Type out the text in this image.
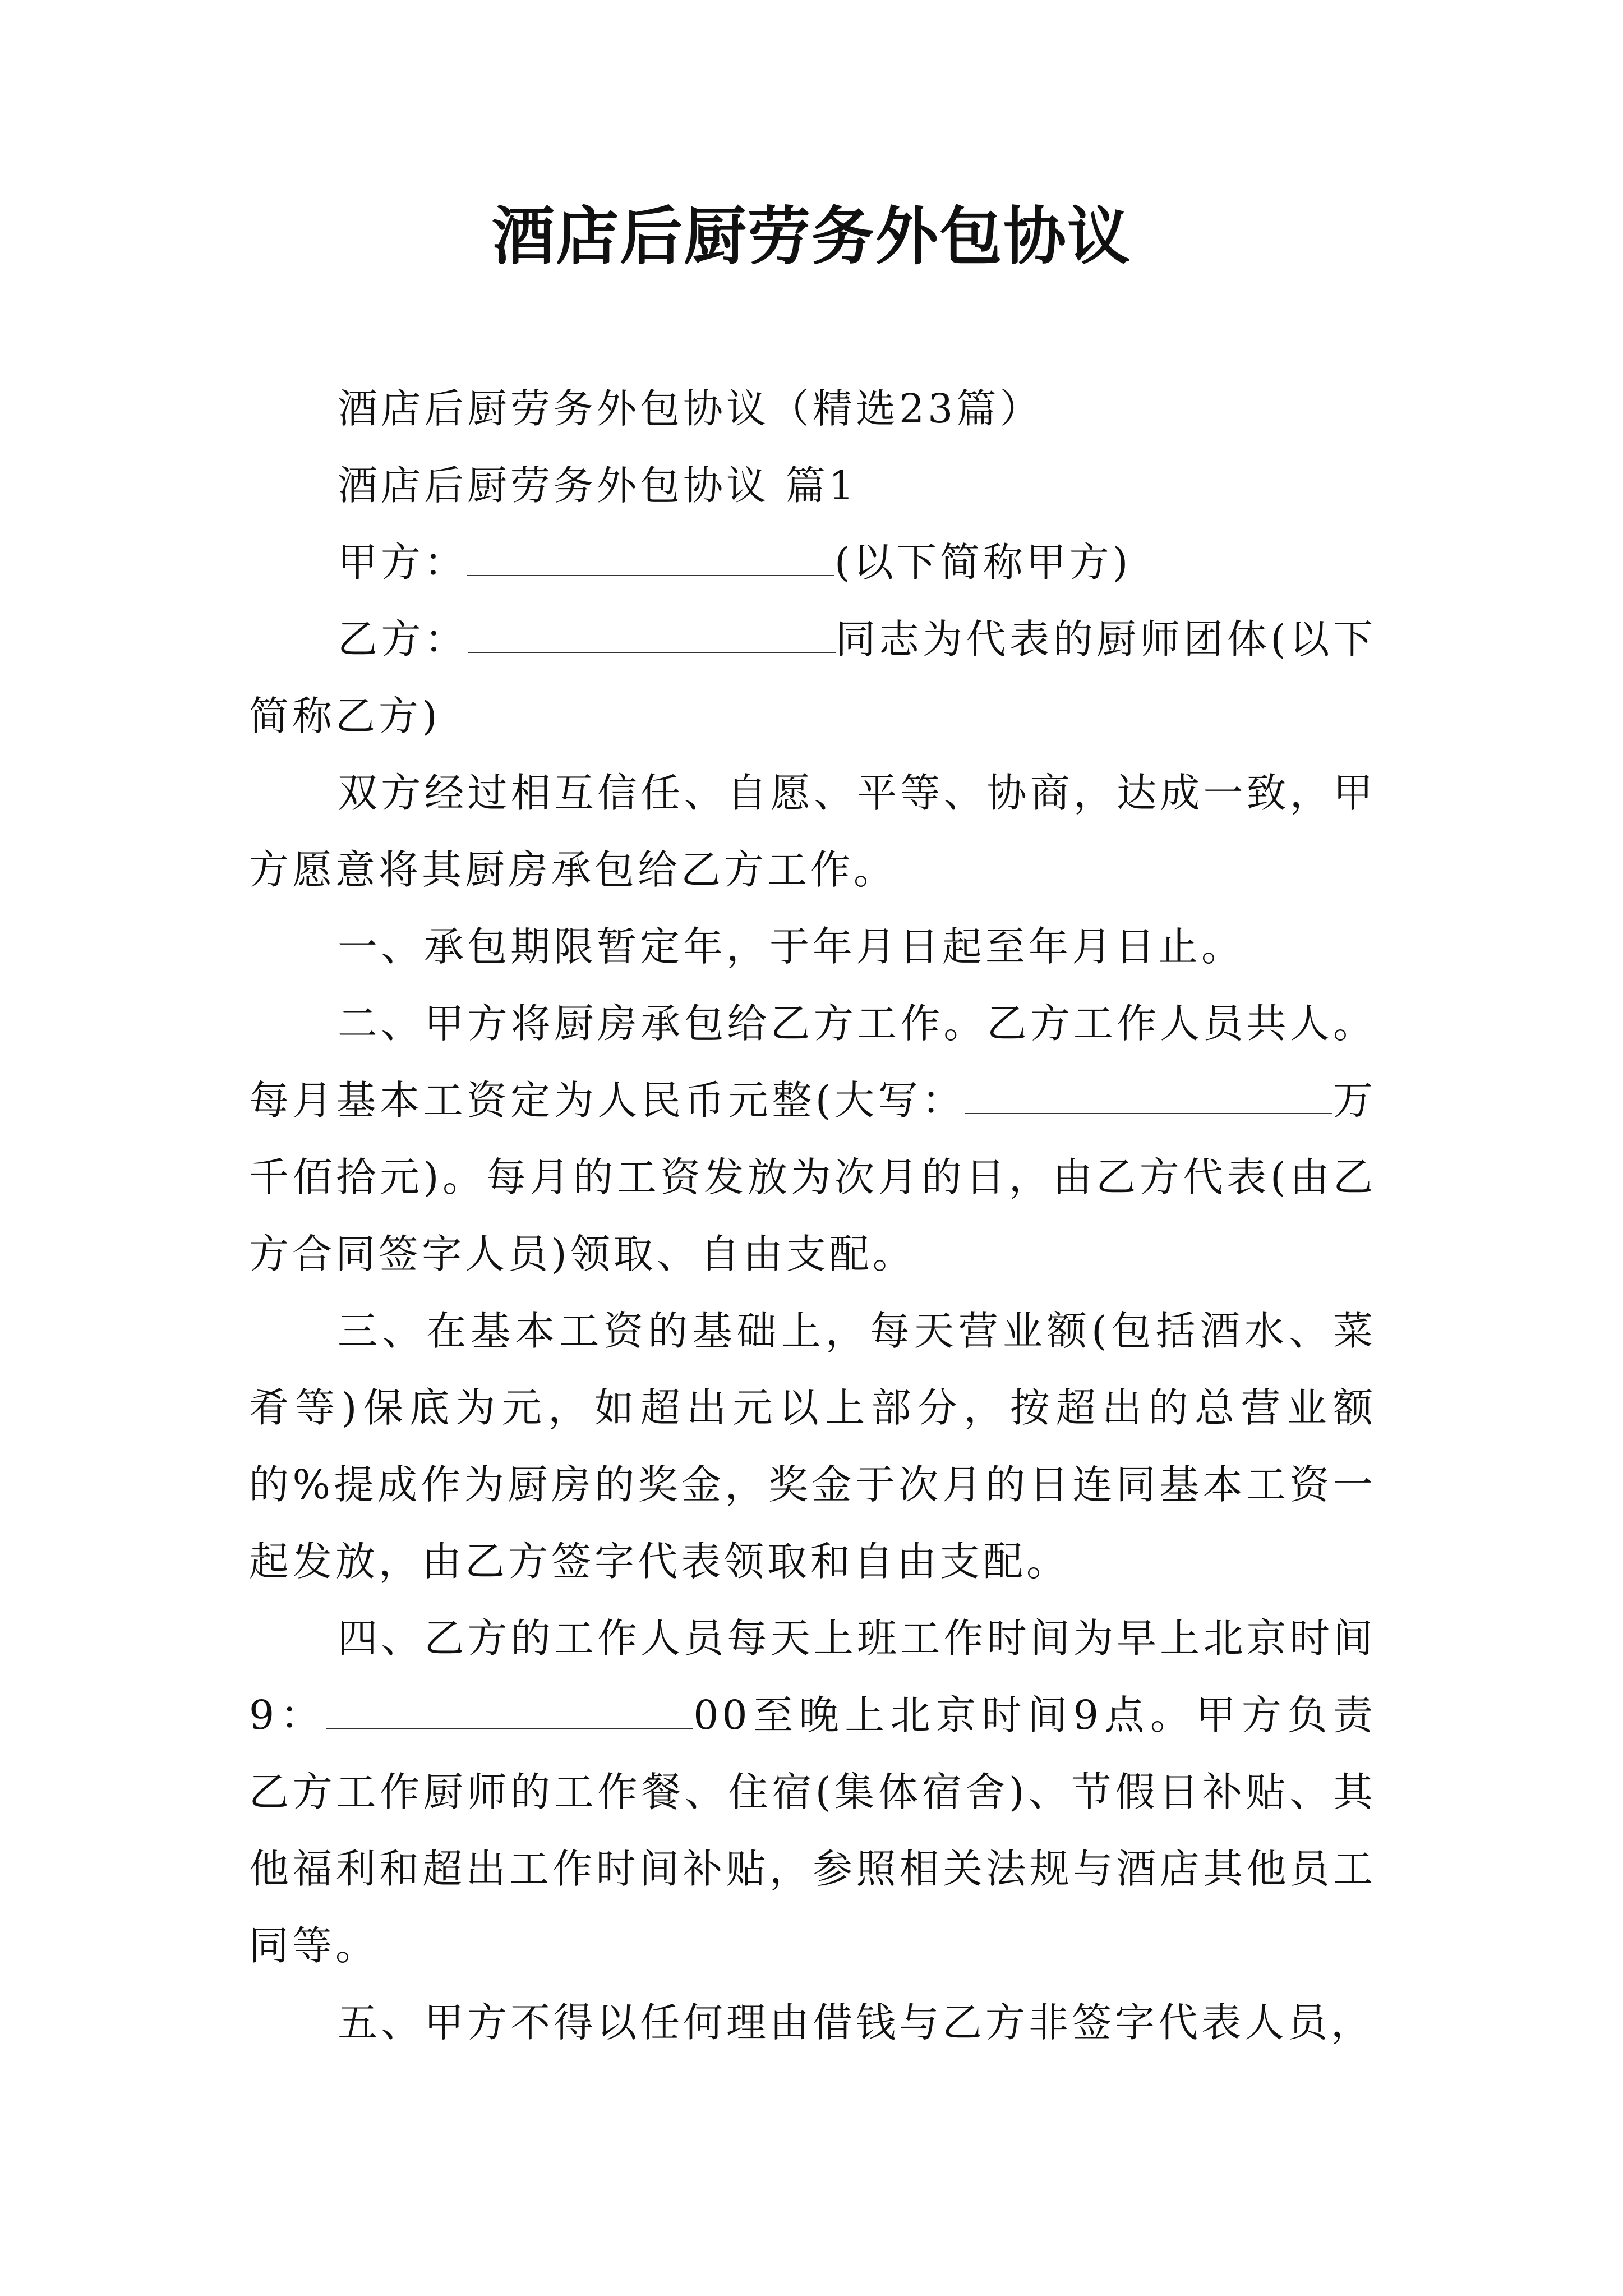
酒店后厨劳务外包协议

酒店后厨劳务外包协议（精选23篇）

酒店后厨劳务外包协议 篇1

甲方：	(以下简称甲方)

乙方：	同志为代表的厨师团体(以下简称乙方)

双方经过相互信任、自愿、平等、协商，达成一致，甲方愿意将其厨房承包给乙方工作。

一、承包期限暂定年，于年月日起至年月日止。

二、甲方将厨房承包给乙方工作。乙方工作人员共人。每月基本工资定为人民币元整(大写：	万千佰拾元)。每月的工资发放为次月的日，由乙方代表(由乙方合同签字人员)领取、自由支配。

三、在基本工资的基础上，每天营业额(包括酒水、菜肴等)保底为元，如超出元以上部分，按超出的总营业额的%提成作为厨房的奖金，奖金于次月的日连同基本工资一起发放，由乙方签字代表领取和自由支配。

四、乙方的工作人员每天上班工作时间为早上北京时间9：	00至晚上北京时间9点。甲方负责乙方工作厨师的工作餐、住宿(集体宿舍)、节假日补贴、其他福利和超出工作时间补贴，参照相关法规与酒店其他员工同等。

五、甲方不得以任何理由借钱与乙方非签字代表人员，
